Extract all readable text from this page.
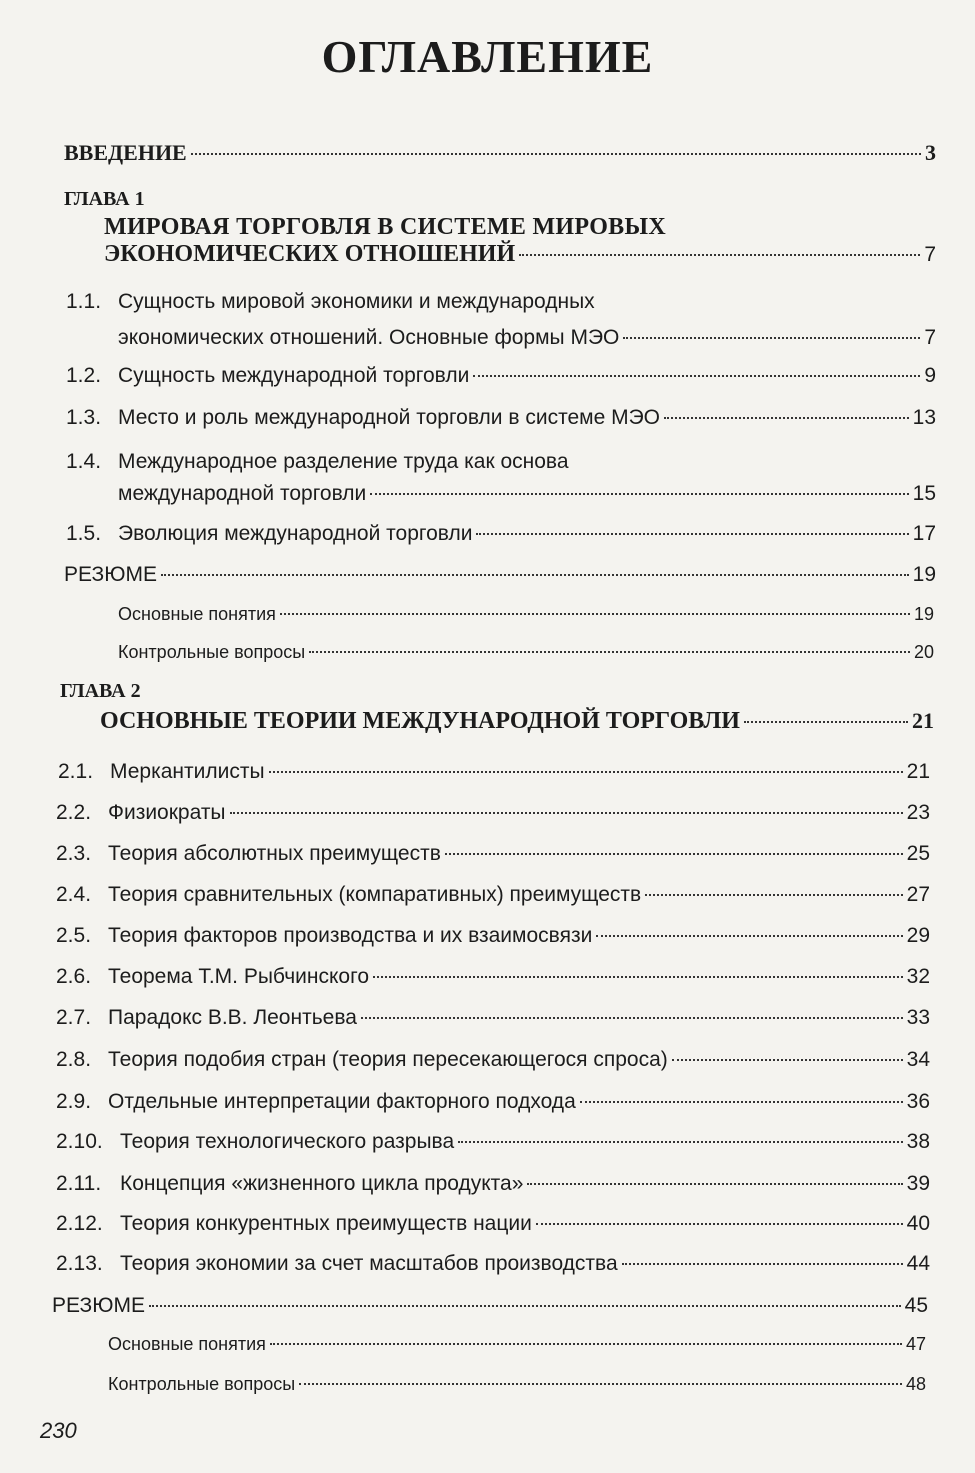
ОГЛАВЛЕНИЕ
ВВЕДЕНИЕ	3
ГЛАВА 1
МИРОВАЯ ТОРГОВЛЯ В СИСТЕМЕ МИРОВЫХ
ЭКОНОМИЧЕСКИХ ОТНОШЕНИЙ	7
1.1. Сущность мировой экономики и международных
экономических отношений. Основные формы МЭО	7
1.2. Сущность международной торговли	9
1.3. Место и роль международной торговли в системе МЭО	13
1.4. Международное разделение труда как основа
международной торговли	15
1.5. Эволюция международной торговли	17
РЕЗЮМЕ	19
Основные понятия	19
Контрольные вопросы	20
ГЛАВА 2
ОСНОВНЫЕ ТЕОРИИ МЕЖДУНАРОДНОЙ ТОРГОВЛИ	21
2.1. Меркантилисты	21
2.2. Физиократы	23
2.3. Теория абсолютных преимуществ	25
2.4. Теория сравнительных (компаративных) преимуществ	27
2.5. Теория факторов производства и их взаимосвязи	29
2.6. Теорема Т.М. Рыбчинского	32
2.7. Парадокс В.В. Леонтьева	33
2.8. Теория подобия стран (теория пересекающегося спроса)	34
2.9. Отдельные интерпретации факторного подхода	36
2.10. Теория технологического разрыва	38
2.11. Концепция «жизненного цикла продукта»	39
2.12. Теория конкурентных преимуществ нации	40
2.13. Теория экономии за счет масштабов производства	44
РЕЗЮМЕ	45
Основные понятия	47
Контрольные вопросы	48
230
